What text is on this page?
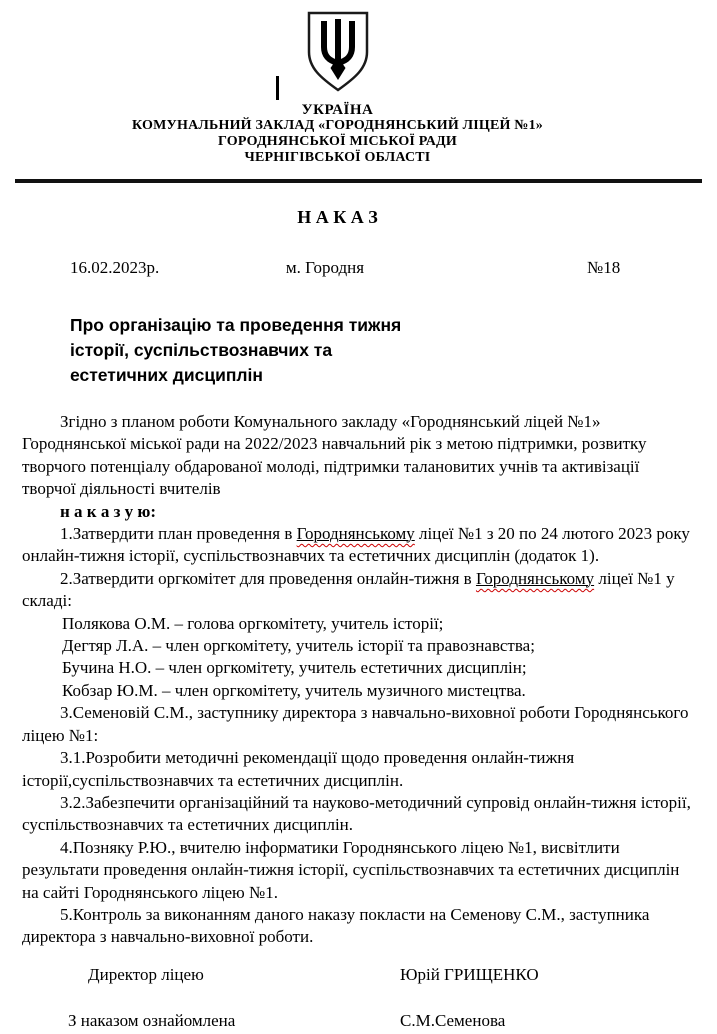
УКРАЇНА
КОМУНАЛЬНИЙ ЗАКЛАД «ГОРОДНЯНСЬКИЙ ЛІЦЕЙ №1»
ГОРОДНЯНСЬКОЇ МІСЬКОЇ РАДИ
ЧЕРНІГІВСЬКОЇ ОБЛАСТІ
Н А К А З
16.02.2023р.	м. Городня	№18
Про організацію та проведення тижня історії, суспільствознавчих та естетичних дисциплін

Згідно з планом роботи Комунального закладу «Городнянський ліцей №1» Городнянської міської ради на 2022/2023 навчальний рік з метою підтримки, розвитку творчого потенціалу обдарованої молоді, підтримки талановитих учнів та активізації творчої діяльності вчителів

н а к а з у ю:

1.Затвердити план проведення в Городнянському ліцеї №1 з 20 по 24 лютого 2023 року онлайн-тижня історії, суспільствознавчих та естетичних дисциплін (додаток 1).

2.Затвердити оргкомітет для проведення онлайн-тижня в Городнянському ліцеї №1 у складі:

Полякова О.М. – голова оргкомітету, учитель історії;
Дегтяр Л.А. – член оргкомітету, учитель історії та правознавства;
Бучина Н.О. – член оргкомітету, учитель естетичних дисциплін;
Кобзар Ю.М. – член оргкомітету, учитель музичного мистецтва.

3.Семеновій С.М., заступнику директора з навчально-виховної роботи Городнянського ліцею №1:

3.1.Розробити методичні рекомендації щодо проведення онлайн-тижня історії,суспільствознавчих та естетичних дисциплін.

3.2.Забезпечити організаційний та науково-методичний супровід онлайн-тижня історії, суспільствознавчих та естетичних дисциплін.

4.Позняку Р.Ю., вчителю інформатики Городнянського ліцею №1, висвітлити результати проведення онлайн-тижня історії, суспільствознавчих та естетичних дисциплін на сайті Городнянського ліцею №1.

5.Контроль за виконанням даного наказу покласти на Семенову С.М., заступника директора з навчально-виховної роботи.

Директор ліцею	Юрій ГРИЩЕНКО
З наказом ознайомлена	С.М.Семенова
